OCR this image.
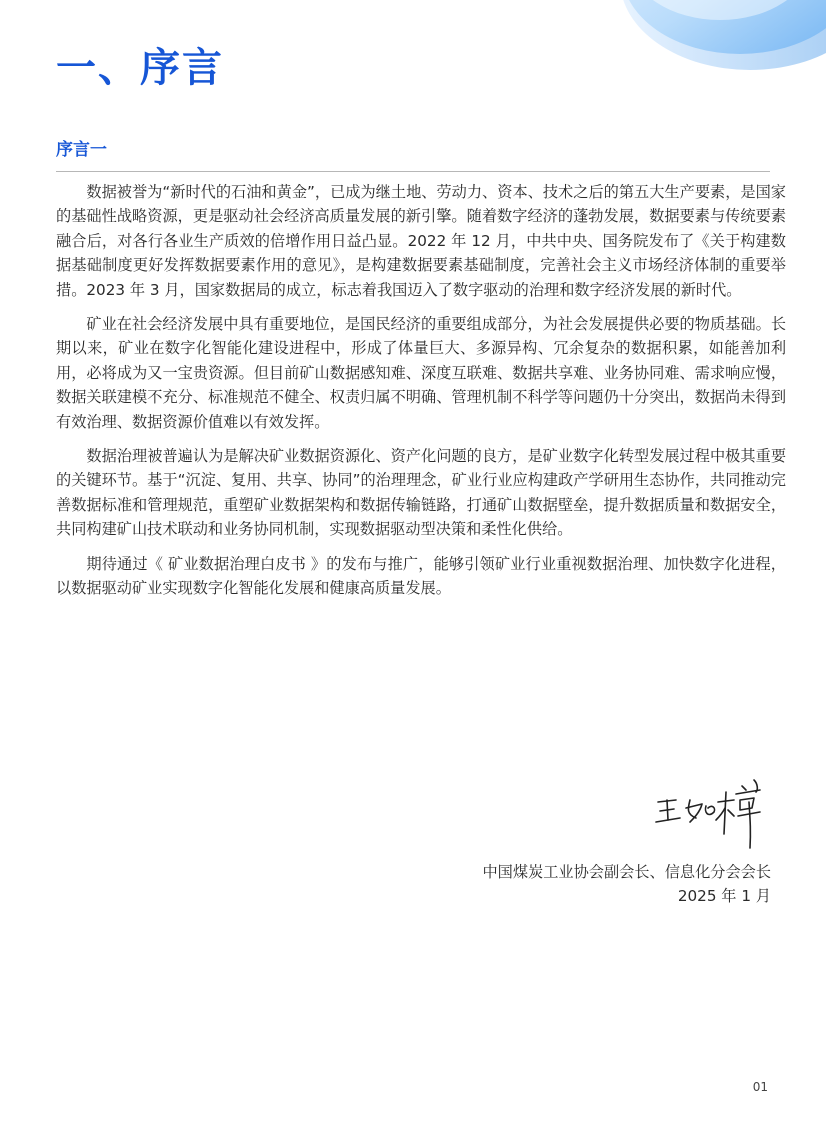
一、序言
序言一

数据被誉为“新时代的石油和黄金”，已成为继土地、劳动力、资本、技术之后的第五大生产要素，是国家的基础性战略资源，更是驱动社会经济高质量发展的新引擎。随着数字经济的蓬勃发展，数据要素与传统要素融合后，对各行各业生产质效的倍增作用日益凸显。2022 年 12 月，中共中央、国务院发布了《关于构建数据基础制度更好发挥数据要素作用的意见》，是构建数据要素基础制度，完善社会主义市场经济体制的重要举措。2023 年 3 月，国家数据局的成立，标志着我国迈入了数字驱动的治理和数字经济发展的新时代。

矿业在社会经济发展中具有重要地位，是国民经济的重要组成部分，为社会发展提供必要的物质基础。长期以来，矿业在数字化智能化建设进程中，形成了体量巨大、多源异构、冗余复杂的数据积累，如能善加利用，必将成为又一宝贵资源。但目前矿山数据感知难、深度互联难、数据共享难、业务协同难、需求响应慢，数据关联建模不充分、标准规范不健全、权责归属不明确、管理机制不科学等问题仍十分突出，数据尚未得到有效治理、数据资源价值难以有效发挥。

数据治理被普遍认为是解决矿业数据资源化、资产化问题的良方，是矿业数字化转型发展过程中极其重要的关键环节。基于“沉淀、复用、共享、协同”的治理理念，矿业行业应构建政产学研用生态协作，共同推动完善数据标准和管理规范，重塑矿业数据架构和数据传输链路，打通矿山数据壁垒，提升数据质量和数据安全，共同构建矿山技术联动和业务协同机制，实现数据驱动型决策和柔性化供给。

期待通过《 矿业数据治理白皮书 》的发布与推广，能够引领矿业行业重视数据治理、加快数字化进程，以数据驱动矿业实现数字化智能化发展和健康高质量发展。

中国煤炭工业协会副会长、信息化分会会长
2025 年 1 月
01
